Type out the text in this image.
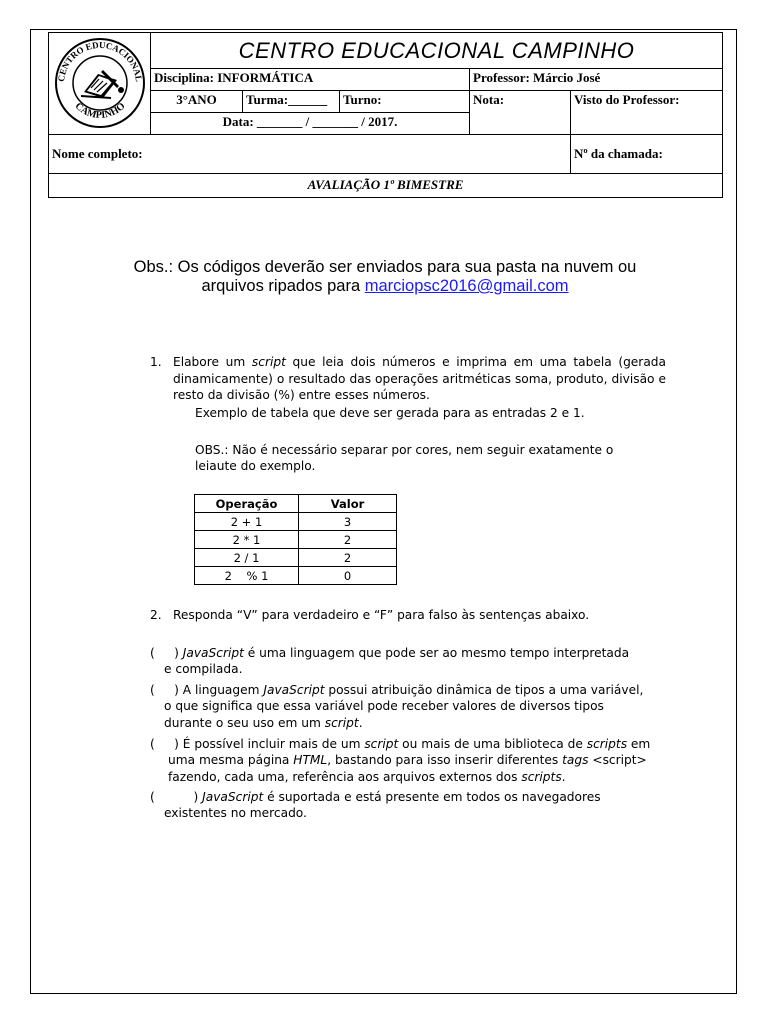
CENTRO EDUCACIONAL
CAMPINHO	CENTRO EDUCACIONAL CAMPINHO				
	Disciplina: INFORMÁTICA			Professor: Márcio José	
	3°ANO	Turma:______	Turno:	Nota:	Visto do Professor:
	Data: _______ / _______ / 2017.				
Nome completo:					Nº da chamada:
AVALIAÇÃO 1º BIMESTRE					
Obs.: Os códigos deverão ser enviados para sua pasta na nuvem ou
arquivos ripados para marciopsc2016@gmail.com
1. Elabore um script que leia dois números e imprima em uma tabela (gerada dinamicamente) o resultado das operações aritméticas soma, produto, divisão e resto da divisão (%) entre esses números.
Exemplo de tabela que deve ser gerada para as entradas 2 e 1.
OBS.: Não é necessário separar por cores, nem seguir exatamente o
leiaute do exemplo.
Operação	Valor
2 + 1	3
2 * 1	2
2 / 1	2
2    % 1	0
2. Responda “V” para verdadeiro e “F” para falso às sentenças abaixo.
(     ) JavaScript é uma linguagem que pode ser ao mesmo tempo interpretada
e compilada.
(     ) A linguagem JavaScript possui atribuição dinâmica de tipos a uma variável,
o que significa que essa variável pode receber valores de diversos tipos
durante o seu uso em um script.
(     ) É possível incluir mais de um script ou mais de uma biblioteca de scripts em
uma mesma página HTML, bastando para isso inserir diferentes tags <script>
fazendo, cada uma, referência aos arquivos externos dos scripts.
(          ) JavaScript é suportada e está presente em todos os navegadores
existentes no mercado.
